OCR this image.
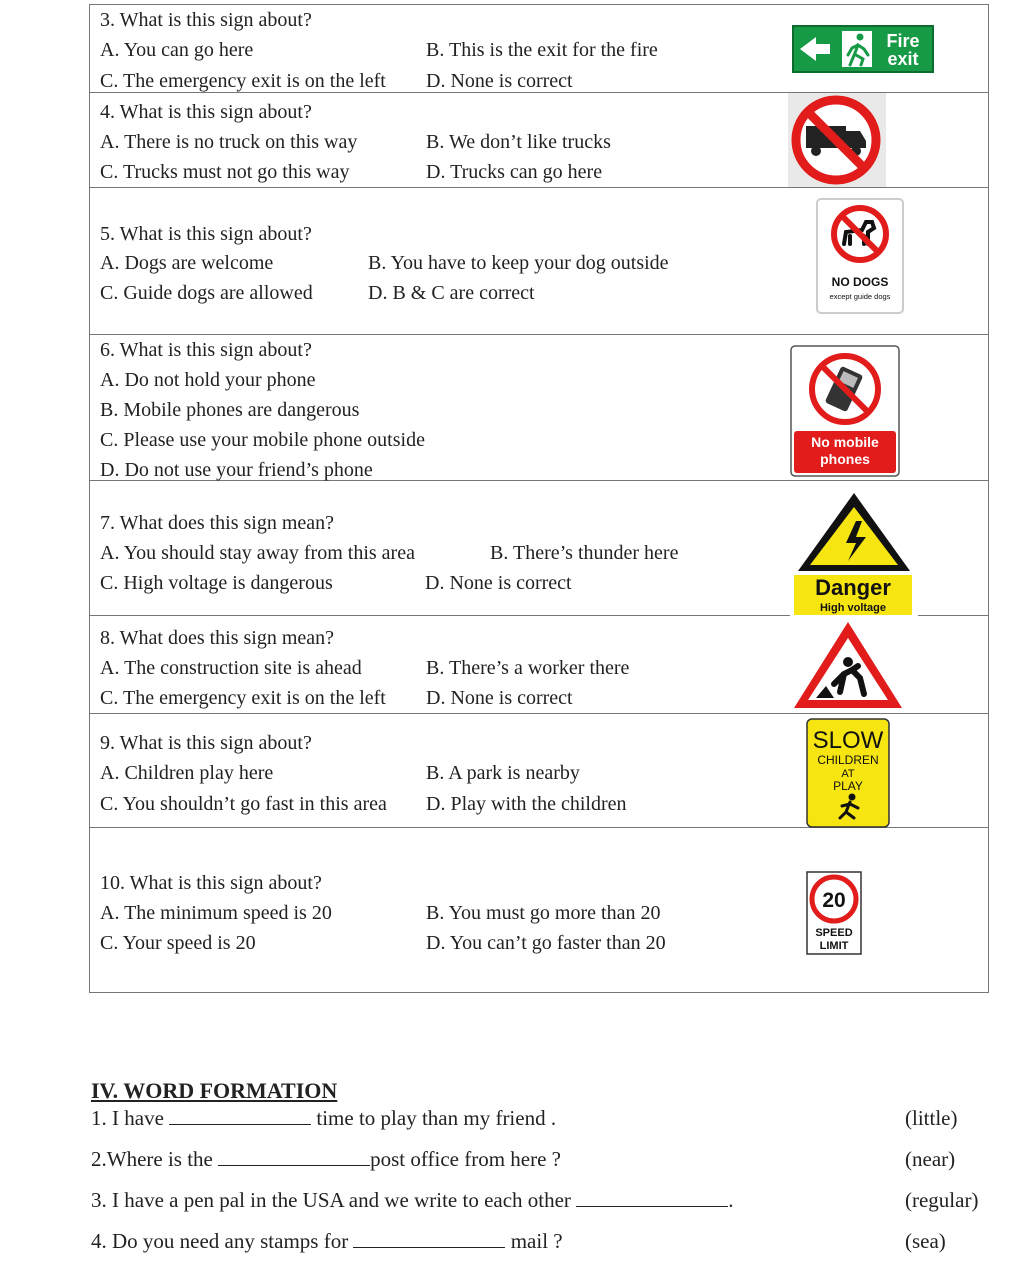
3. What is this sign about?
A. You can go here	B. This is the exit for the fire
C. The emergency exit is on the left D. None is correct
Fire
exit
4. What is this sign about?
A. There is no truck on this way	B. We don’t like trucks
C. Trucks must not go this way	D. Trucks can go here
5. What is this sign about?
A. Dogs are welcome	B. You have to keep your dog outside
C. Guide dogs are allowed	D. B & C are correct	NO DOGS
except guide dogs
6. What is this sign about?
A. Do not hold your phone
B. Mobile phones are dangerous
C. Please use your mobile phone outside
D. Do not use your friend’s phone
No mobile
phones
7. What does this sign mean?
A. You should stay away from this area	B. There’s thunder here
C. High voltage is dangerous	D. None is correct	Danger
High voltage
8. What does this sign mean?
A. The construction site is ahead	B. There’s a worker there
C. The emergency exit is on the left D. None is correct
9. What is this sign about?
A. Children play here	B. A park is nearby
C. You shouldn’t go fast in this area D. Play with the children
SLOW
CHILDREN
AT
PLAY
10. What is this sign about?
A. The minimum speed is 20	B. You must go more than 20
C. Your speed is 20	D. You can’t go faster than 20
20
SPEED
LIMIT
IV. WORD FORMATION
1. I have	time to play than my friend .	(little)
2.Where is the	post office from here ?	(near)
3. I have a pen pal in the USA and we write to each other	.	(regular)
4. Do you need any stamps for	mail ?	(sea)
